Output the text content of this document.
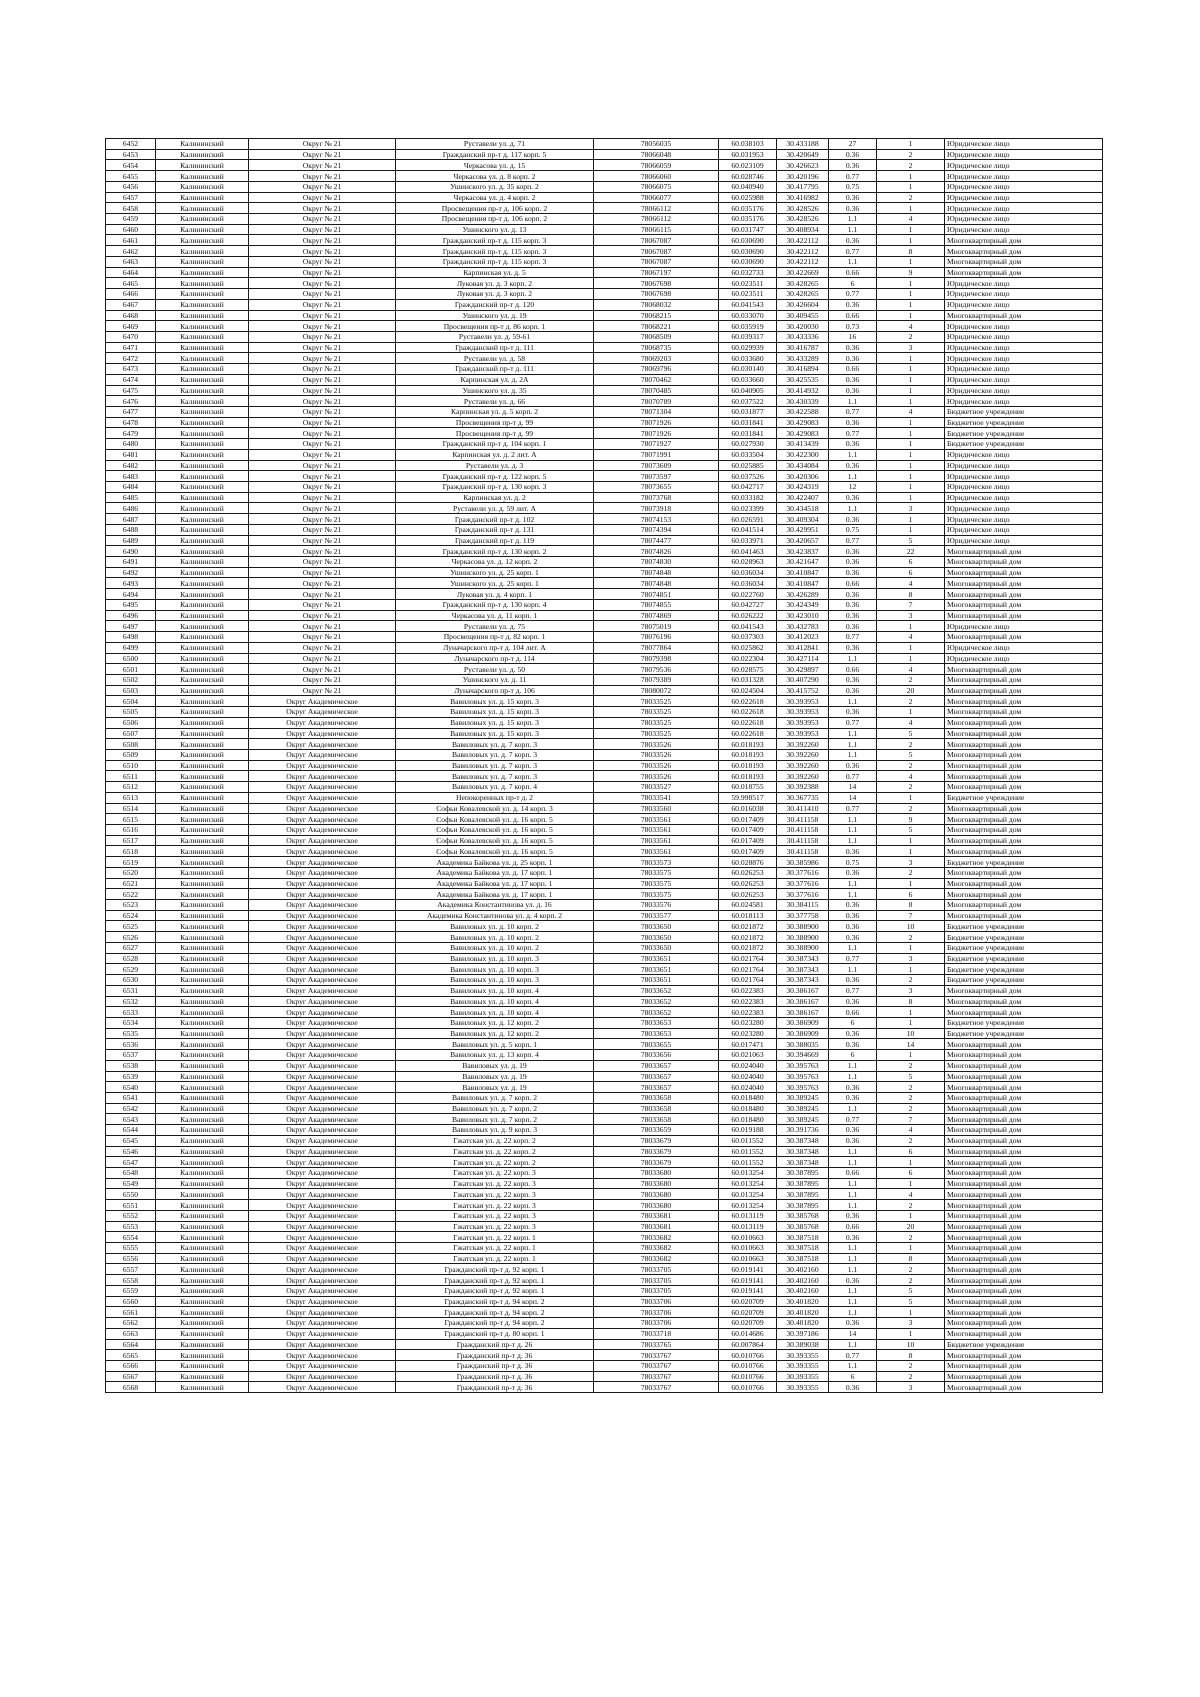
6452	Калининский	Округ № 21	Руставели ул. д. 71	78056035	60.038103	30.433188	27	1	Юридическое лицо
6453	Калининский	Округ № 21	Гражданский пр-т д. 117 корп. 5	78066048	60.031953	30.420649	0.36	2	Юридическое лицо
6454	Калининский	Округ № 21	Черкасова ул. д. 15	78066059	60.023109	30.426623	0.36	2	Юридическое лицо
6455	Калининский	Округ № 21	Черкасова ул. д. 8 корп. 2	78066060	60.028746	30.420196	0.77	1	Юридическое лицо
6456	Калининский	Округ № 21	Ушинского ул. д. 35 корп. 2	78066075	60.040940	30.417795	0.75	1	Юридическое лицо
6457	Калининский	Округ № 21	Черкасова ул. д. 4 корп. 2	78066077	60.025988	30.416982	0.36	2	Юридическое лицо
6458	Калининский	Округ № 21	Просвещения пр-т д. 106 корп. 2	78066112	60.035176	30.428526	0.36	1	Юридическое лицо
6459	Калининский	Округ № 21	Просвещения пр-т д. 106 корп. 2	78066112	60.035176	30.428526	1.1	4	Юридическое лицо
6460	Калининский	Округ № 21	Ушинского ул. д. 13	78066115	60.031747	30.408934	1.1	1	Юридическое лицо
6461	Калининский	Округ № 21	Гражданский пр-т д. 115 корп. 3	78067087	60.030690	30.422112	0.36	1	Многоквартирный дом
6462	Калининский	Округ № 21	Гражданский пр-т д. 115 корп. 3	78067087	60.030690	30.422112	0.77	8	Многоквартирный дом
6463	Калининский	Округ № 21	Гражданский пр-т д. 115 корп. 3	78067087	60.030690	30.422112	1.1	1	Многоквартирный дом
6464	Калининский	Округ № 21	Карпинская ул. д. 5	78067197	60.032733	30.422669	0.66	9	Многоквартирный дом
6465	Калининский	Округ № 21	Луковая ул. д. 3 корп. 2	78067698	60.023511	30.428265	6	1	Юридическое лицо
6466	Калининский	Округ № 21	Луковая ул. д. 3 корп. 2	78067698	60.023511	30.428265	0.77	1	Юридическое лицо
6467	Калининский	Округ № 21	Гражданский пр-т д. 120	78068032	60.041543	30.426604	0.36	1	Юридическое лицо
6468	Калининский	Округ № 21	Ушинского ул. д. 19	78068215	60.033070	30.409455	0.66	1	Многоквартирный дом
6469	Калининский	Округ № 21	Просвещения пр-т д. 86 корп. 1	78068221	60.035919	30.420030	0.73	4	Юридическое лицо
6470	Калининский	Округ № 21	Руставели ул. д. 59-61	78068509	60.039317	30.433336	16	2	Юридическое лицо
6471	Калининский	Округ № 21	Гражданский пр-т д. 111	78068735	60.029939	30.416787	0.36	3	Юридическое лицо
6472	Калининский	Округ № 21	Руставели ул. д. 58	78069203	60.033680	30.433289	0.36	1	Юридическое лицо
6473	Калининский	Округ № 21	Гражданский пр-т д. 111	78069796	60.030140	30.416894	0.66	1	Юридическое лицо
6474	Калининский	Округ № 21	Карпинская ул. д. 2А	78070462	60.033660	30.425535	0.36	1	Юридическое лицо
6475	Калининский	Округ № 21	Ушинского ул. д. 35	78070485	60.040905	30.414932	0.36	1	Юридическое лицо
6476	Калининский	Округ № 21	Руставели ул. д. 66	78070789	60.037522	30.430339	1.1	1	Юридическое лицо
6477	Калининский	Округ № 21	Карпинская ул. д. 5 корп. 2	78071304	60.031877	30.422588	0.77	4	Бюджетное учреждение
6478	Калининский	Округ № 21	Просвещения пр-т д. 99	78071926	60.031841	30.429083	0.36	1	Бюджетное учреждение
6479	Калининский	Округ № 21	Просвещения пр-т д. 99	78071926	60.031841	30.429083	0.77	1	Бюджетное учреждение
6480	Калининский	Округ № 21	Гражданский пр-т д. 104 корп. 1	78071927	60.027930	30.413439	0.36	1	Бюджетное учреждение
6481	Калининский	Округ № 21	Карпинская ул. д. 2 лит. А	78071991	60.033504	30.422300	1.1	1	Юридическое лицо
6482	Калининский	Округ № 21	Руставели ул. д. 3	78073609	60.025885	30.434084	0.36	1	Юридическое лицо
6483	Калининский	Округ № 21	Гражданский пр-т д. 122 корп. 5	78073597	60.037526	30.420306	1.1	1	Юридическое лицо
6484	Калининский	Округ № 21	Гражданский пр-т д. 130 корп. 3	78073655	60.042717	30.424319	12	1	Юридическое лицо
6485	Калининский	Округ № 21	Карпинская ул. д. 2	78073768	60.033182	30.422407	0.36	1	Юридическое лицо
6486	Калининский	Округ № 21	Руставели ул. д. 59 лит. А	78073918	60.023399	30.434518	1.1	3	Юридическое лицо
6487	Калининский	Округ № 21	Гражданский пр-т д. 102	78074153	60.026591	30.409304	0.36	1	Юридическое лицо
6488	Калининский	Округ № 21	Гражданский пр-т д. 131	78074394	60.041514	30.429951	0.75	1	Юридическое лицо
6489	Калининский	Округ № 21	Гражданский пр-т д. 119	78074477	60.033971	30.420657	0.77	5	Юридическое лицо
6490	Калининский	Округ № 21	Гражданский пр-т д. 130 корп. 2	78074826	60.041463	30.423837	0.36	22	Многоквартирный дом
6491	Калининский	Округ № 21	Черкасова ул. д. 12 корп. 2	78074830	60.028963	30.421647	0.36	6	Многоквартирный дом
6492	Калининский	Округ № 21	Ушинского ул. д. 25 корп. 1	78074848	60.036034	30.410847	0.36	6	Многоквартирный дом
6493	Калининский	Округ № 21	Ушинского ул. д. 25 корп. 1	78074848	60.036034	30.410847	0.66	4	Многоквартирный дом
6494	Калининский	Округ № 21	Луковая ул. д. 4 корп. 1	78074851	60.022760	30.426289	0.36	8	Многоквартирный дом
6495	Калининский	Округ № 21	Гражданский пр-т д. 130 корп. 4	78074855	60.042727	30.424349	0.36	7	Многоквартирный дом
6496	Калининский	Округ № 21	Черкасова ул. д. 11 корп. 1	78074869	60.026222	30.423010	0.36	3	Многоквартирный дом
6497	Калининский	Округ № 21	Руставели ул. д. 75	78075019	60.041543	30.432783	0.36	1	Юридическое лицо
6498	Калининский	Округ № 21	Просвещения пр-т д. 82 корп. 1	78076196	60.037303	30.412023	0.77	4	Многоквартирный дом
6499	Калининский	Округ № 21	Луначарского пр-т д. 104 лит. А	78077864	60.025862	30.412841	0.36	1	Юридическое лицо
6500	Калининский	Округ № 21	Луначарского пр-т д. 114	78079398	60.022304	30.427114	1.1	1	Юридическое лицо
6501	Калининский	Округ № 21	Руставели ул. д. 50	78079536	60.028575	30.429897	0.66	4	Многоквартирный дом
6502	Калининский	Округ № 21	Ушинского ул. д. 11	78079389	60.031328	30.407290	0.36	2	Многоквартирный дом
6503	Калининский	Округ № 21	Луначарского пр-т д. 106	78080072	60.024504	30.415752	0.36	20	Многоквартирный дом
6504	Калининский	Округ Академическое	Вавиловых ул. д. 15 корп. 3	78033525	60.022618	30.393953	1.1	2	Многоквартирный дом
6505	Калининский	Округ Академическое	Вавиловых ул. д. 15 корп. 3	78033525	60.022618	30.393953	0.36	1	Многоквартирный дом
6506	Калининский	Округ Академическое	Вавиловых ул. д. 15 корп. 3	78033525	60.022618	30.393953	0.77	4	Многоквартирный дом
6507	Калининский	Округ Академическое	Вавиловых ул. д. 15 корп. 3	78033525	60.022618	30.393953	1.1	5	Многоквартирный дом
6508	Калининский	Округ Академическое	Вавиловых ул. д. 7 корп. 3	78033526	60.018193	30.392260	1.1	2	Многоквартирный дом
6509	Калининский	Округ Академическое	Вавиловых ул. д. 7 корп. 3	78033526	60.018193	30.392260	1.1	5	Многоквартирный дом
6510	Калининский	Округ Академическое	Вавиловых ул. д. 7 корп. 3	78033526	60.018193	30.392260	0.36	2	Многоквартирный дом
6511	Калининский	Округ Академическое	Вавиловых ул. д. 7 корп. 3	78033526	60.018193	30.392260	0.77	4	Многоквартирный дом
6512	Калининский	Округ Академическое	Вавиловых ул. д. 7 корп. 4	78033527	60.018755	30.392388	14	2	Многоквартирный дом
6513	Калининский	Округ Академическое	Непокоренных пр-т д. 2	78033541	59.998517	30.367735	14	1	Бюджетное учреждение
6514	Калининский	Округ Академическое	Софьи Ковалевской ул. д. 14 корп. 3	78033560	60.016038	30.411410	0.77	2	Многоквартирный дом
6515	Калининский	Округ Академическое	Софьи Ковалевской ул. д. 16 корп. 5	78033561	60.017409	30.411158	1.1	9	Многоквартирный дом
6516	Калининский	Округ Академическое	Софьи Ковалевской ул. д. 16 корп. 5	78033561	60.017409	30.411158	1.1	5	Многоквартирный дом
6517	Калининский	Округ Академическое	Софьи Ковалевской ул. д. 16 корп. 5	78033561	60.017409	30.411158	1.1	1	Многоквартирный дом
6518	Калининский	Округ Академическое	Софьи Ковалевской ул. д. 16 корп. 5	78033561	60.017409	30.411158	0.36	1	Многоквартирный дом
6519	Калининский	Округ Академическое	Академика Байкова ул. д. 25 корп. 1	78033573	60.028876	30.385986	0.75	3	Бюджетное учреждение
6520	Калининский	Округ Академическое	Академика Байкова ул. д. 17 корп. 1	78033575	60.026253	30.377616	0.36	2	Многоквартирный дом
6521	Калининский	Округ Академическое	Академика Байкова ул. д. 17 корп. 1	78033575	60.026253	30.377616	1.1	1	Многоквартирный дом
6522	Калининский	Округ Академическое	Академика Байкова ул. д. 17 корп. 1	78033575	60.026253	30.377616	1.1	6	Многоквартирный дом
6523	Калининский	Округ Академическое	Академика Константинова ул. д. 16	78033576	60.024581	30.384115	0.36	8	Многоквартирный дом
6524	Калининский	Округ Академическое	Академика Константинова ул. д. 4 корп. 2	78033577	60.018113	30.377758	0.36	7	Многоквартирный дом
6525	Калининский	Округ Академическое	Вавиловых ул. д. 10 корп. 2	78033650	60.021872	30.388900	0.36	10	Бюджетное учреждение
6526	Калининский	Округ Академическое	Вавиловых ул. д. 10 корп. 2	78033650	60.021872	30.388900	0.36	2	Бюджетное учреждение
6527	Калининский	Округ Академическое	Вавиловых ул. д. 10 корп. 2	78033650	60.021872	30.388900	1.1	1	Бюджетное учреждение
6528	Калининский	Округ Академическое	Вавиловых ул. д. 10 корп. 3	78033651	60.021764	30.387343	0.77	3	Бюджетное учреждение
6529	Калининский	Округ Академическое	Вавиловых ул. д. 10 корп. 3	78033651	60.021764	30.387343	1.1	1	Бюджетное учреждение
6530	Калининский	Округ Академическое	Вавиловых ул. д. 10 корп. 3	78033651	60.021764	30.387343	0.36	2	Бюджетное учреждение
6531	Калининский	Округ Академическое	Вавиловых ул. д. 10 корп. 4	78033652	60.022383	30.386167	0.77	3	Многоквартирный дом
6532	Калининский	Округ Академическое	Вавиловых ул. д. 10 корп. 4	78033652	60.022383	30.386167	0.36	8	Многоквартирный дом
6533	Калининский	Округ Академическое	Вавиловых ул. д. 10 корп. 4	78033652	60.022383	30.386167	0.66	1	Многоквартирный дом
6534	Калининский	Округ Академическое	Вавиловых ул. д. 12 корп. 2	78033653	60.023280	30.386909	6	1	Бюджетное учреждение
6535	Калининский	Округ Академическое	Вавиловых ул. д. 12 корп. 2	78033653	60.023280	30.386909	0.36	10	Бюджетное учреждение
6536	Калининский	Округ Академическое	Вавиловых ул. д. 5 корп. 1	78033655	60.017471	30.388035	0.36	14	Многоквартирный дом
6537	Калининский	Округ Академическое	Вавиловых ул. д. 13 корп. 4	78033656	60.021063	30.394669	6	1	Многоквартирный дом
6538	Калининский	Округ Академическое	Вавиловых ул. д. 19	78033657	60.024040	30.395763	1.1	2	Многоквартирный дом
6539	Калининский	Округ Академическое	Вавиловых ул. д. 19	78033657	60.024040	30.395763	1.1	5	Многоквартирный дом
6540	Калининский	Округ Академическое	Вавиловых ул. д. 19	78033657	60.024040	30.395763	0.36	2	Многоквартирный дом
6541	Калининский	Округ Академическое	Вавиловых ул. д. 7 корп. 2	78033658	60.018480	30.389245	0.36	2	Многоквартирный дом
6542	Калининский	Округ Академическое	Вавиловых ул. д. 7 корп. 2	78033658	60.018480	30.389245	1.1	2	Многоквартирный дом
6543	Калининский	Округ Академическое	Вавиловых ул. д. 7 корп. 2	78033658	60.018480	30.389245	0.77	7	Многоквартирный дом
6544	Калининский	Округ Академическое	Вавиловых ул. д. 9 корп. 3	78033659	60.019188	30.391736	0.36	4	Многоквартирный дом
6545	Калининский	Округ Академическое	Гжатская ул. д. 22 корп. 2	78033679	60.011552	30.387348	0.36	2	Многоквартирный дом
6546	Калининский	Округ Академическое	Гжатская ул. д. 22 корп. 2	78033679	60.011552	30.387348	1.1	6	Многоквартирный дом
6547	Калининский	Округ Академическое	Гжатская ул. д. 22 корп. 2	78033679	60.011552	30.387348	1.1	1	Многоквартирный дом
6548	Калининский	Округ Академическое	Гжатская ул. д. 22 корп. 3	78033680	60.013254	30.387895	0.66	6	Многоквартирный дом
6549	Калининский	Округ Академическое	Гжатская ул. д. 22 корп. 3	78033680	60.013254	30.387895	1.1	1	Многоквартирный дом
6550	Калининский	Округ Академическое	Гжатская ул. д. 22 корп. 3	78033680	60.013254	30.387895	1.1	4	Многоквартирный дом
6551	Калининский	Округ Академическое	Гжатская ул. д. 22 корп. 3	78033680	60.013254	30.387895	1.1	2	Многоквартирный дом
6552	Калининский	Округ Академическое	Гжатская ул. д. 22 корп. 3	78033681	60.013119	30.385768	0.36	1	Многоквартирный дом
6553	Калининский	Округ Академическое	Гжатская ул. д. 22 корп. 3	78033681	60.013119	30.385768	0.66	20	Многоквартирный дом
6554	Калининский	Округ Академическое	Гжатская ул. д. 22 корп. 1	78033682	60.010663	30.387518	0.36	2	Многоквартирный дом
6555	Калининский	Округ Академическое	Гжатская ул. д. 22 корп. 1	78033682	60.010663	30.387518	1.1	1	Многоквартирный дом
6556	Калининский	Округ Академическое	Гжатская ул. д. 22 корп. 1	78033682	60.010663	30.387518	1.1	8	Многоквартирный дом
6557	Калининский	Округ Академическое	Гражданский пр-т д. 92 корп. 1	78033705	60.019141	30.402160	1.1	2	Многоквартирный дом
6558	Калининский	Округ Академическое	Гражданский пр-т д. 92 корп. 1	78033705	60.019141	30.402160	0.36	2	Многоквартирный дом
6559	Калининский	Округ Академическое	Гражданский пр-т д. 92 корп. 1	78033705	60.019141	30.402160	1.1	5	Многоквартирный дом
6560	Калининский	Округ Академическое	Гражданский пр-т д. 94 корп. 2	78033706	60.020709	30.401820	1.1	5	Многоквартирный дом
6561	Калининский	Округ Академическое	Гражданский пр-т д. 94 корп. 2	78033706	60.020709	30.401820	1.1	1	Многоквартирный дом
6562	Калининский	Округ Академическое	Гражданский пр-т д. 94 корп. 2	78033706	60.020709	30.401820	0.36	3	Многоквартирный дом
6563	Калининский	Округ Академическое	Гражданский пр-т д. 80 корп. 1	78033718	60.014686	30.397186	14	1	Многоквартирный дом
6564	Калининский	Округ Академическое	Гражданский пр-т д. 26	78033765	60.007864	30.389038	1.1	10	Бюджетное учреждение
6565	Калининский	Округ Академическое	Гражданский пр-т д. 36	78033767	60.010766	30.393355	0.77	8	Многоквартирный дом
6566	Калининский	Округ Академическое	Гражданский пр-т д. 36	78033767	60.010766	30.393355	1.1	2	Многоквартирный дом
6567	Калининский	Округ Академическое	Гражданский пр-т д. 36	78033767	60.010766	30.393355	6	2	Многоквартирный дом
6568	Калининский	Округ Академическое	Гражданский пр-т д. 36	78033767	60.010766	30.393355	0.36	3	Многоквартирный дом
